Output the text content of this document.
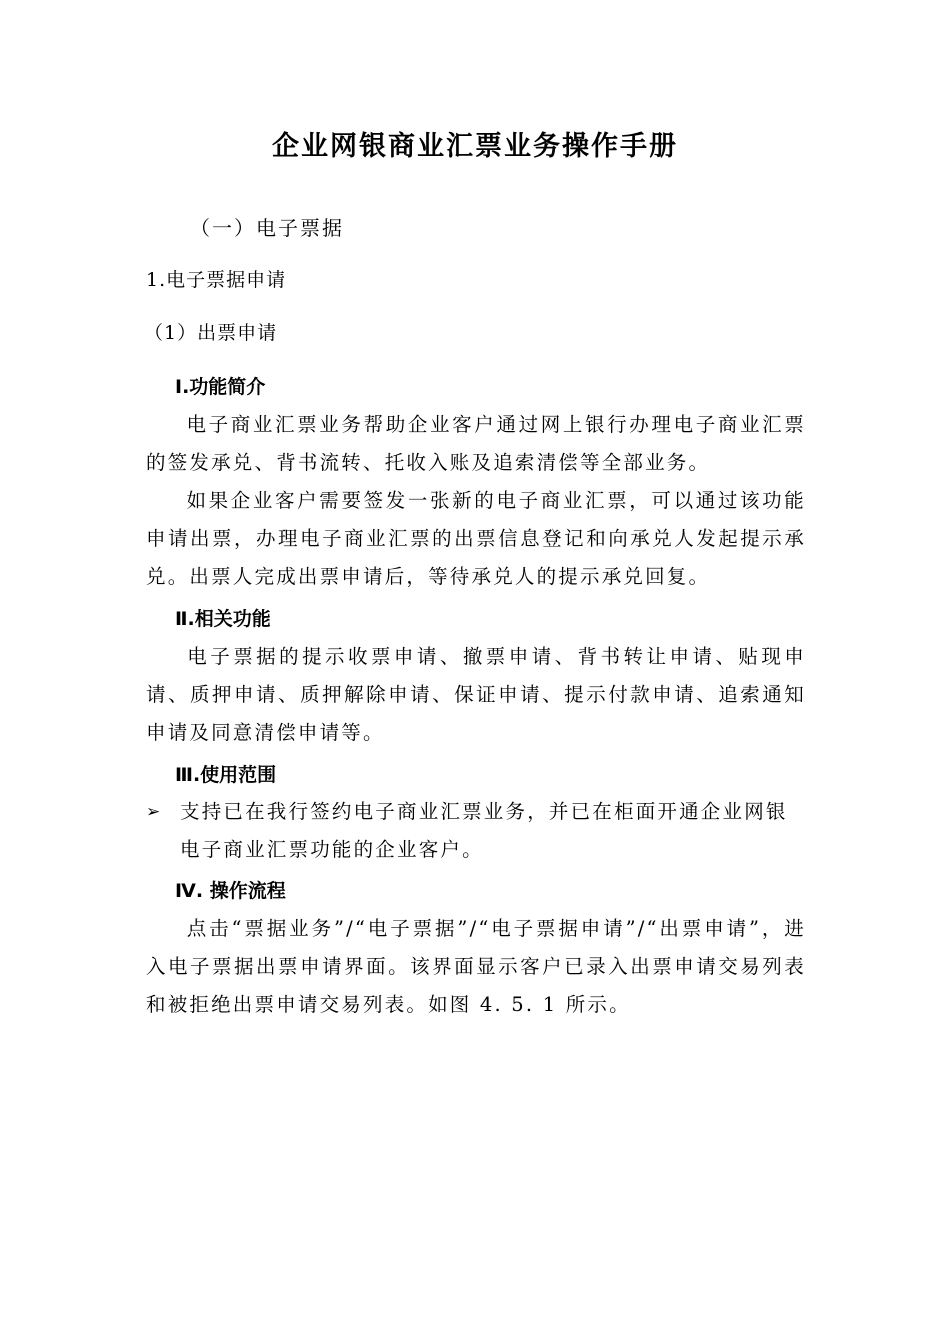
企业网银商业汇票业务操作手册
（一）电子票据
1.电子票据申请
（1）出票申请
Ⅰ.功能简介
电子商业汇票业务帮助企业客户通过网上银行办理电子商业汇票的签发承兑、背书流转、托收入账及追索清偿等全部业务。
如果企业客户需要签发一张新的电子商业汇票，可以通过该功能申请出票，办理电子商业汇票的出票信息登记和向承兑人发起提示承兑。出票人完成出票申请后，等待承兑人的提示承兑回复。
Ⅱ.相关功能
电子票据的提示收票申请、撤票申请、背书转让申请、贴现申请、质押申请、质押解除申请、保证申请、提示付款申请、追索通知申请及同意清偿申请等。
Ⅲ.使用范围
➢ 支持已在我行签约电子商业汇票业务，并已在柜面开通企业网银电子商业汇票功能的企业客户。
Ⅳ. 操作流程
点击“票据业务”/“电子票据”/“电子票据申请”/“出票申请”，进入电子票据出票申请界面。该界面显示客户已录入出票申请交易列表和被拒绝出票申请交易列表。如图 4. 5. 1 所示。
